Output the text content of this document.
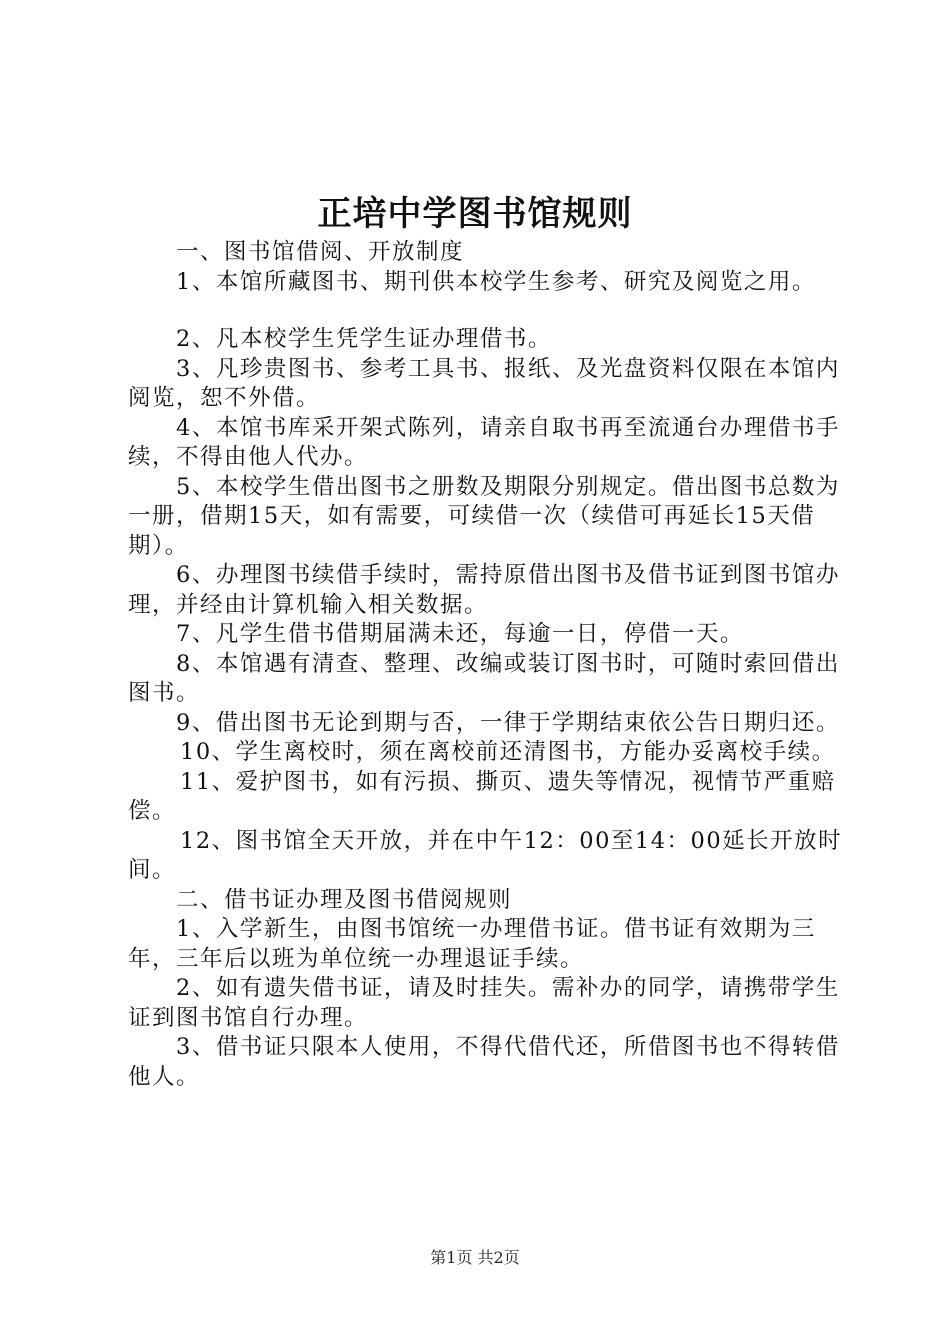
正培中学图书馆规则

一、图书馆借阅、开放制度

1、本馆所藏图书、期刊供本校学生参考、研究及阅览之用。

2、凡本校学生凭学生证办理借书。

3、凡珍贵图书、参考工具书、报纸、及光盘资料仅限在本馆内阅览，恕不外借。

4、本馆书库采开架式陈列，请亲自取书再至流通台办理借书手续，不得由他人代办。

5、本校学生借出图书之册数及期限分别规定。借出图书总数为一册，借期15天，如有需要，可续借一次（续借可再延长15天借期）。

6、办理图书续借手续时，需持原借出图书及借书证到图书馆办理，并经由计算机输入相关数据。

7、凡学生借书借期届满未还，每逾一日，停借一天。

8、本馆遇有清查、整理、改编或装订图书时，可随时索回借出图书。

9、借出图书无论到期与否，一律于学期结束依公告日期归还。

10、学生离校时，须在离校前还清图书，方能办妥离校手续。

11、爱护图书，如有污损、撕页、遗失等情况，视情节严重赔偿。

12、图书馆全天开放，并在中午12：00至14：00延长开放时间。

二、借书证办理及图书借阅规则

1、入学新生，由图书馆统一办理借书证。借书证有效期为三年，三年后以班为单位统一办理退证手续。

2、如有遗失借书证，请及时挂失。需补办的同学，请携带学生证到图书馆自行办理。

3、借书证只限本人使用，不得代借代还，所借图书也不得转借他人。

第1页 共2页
